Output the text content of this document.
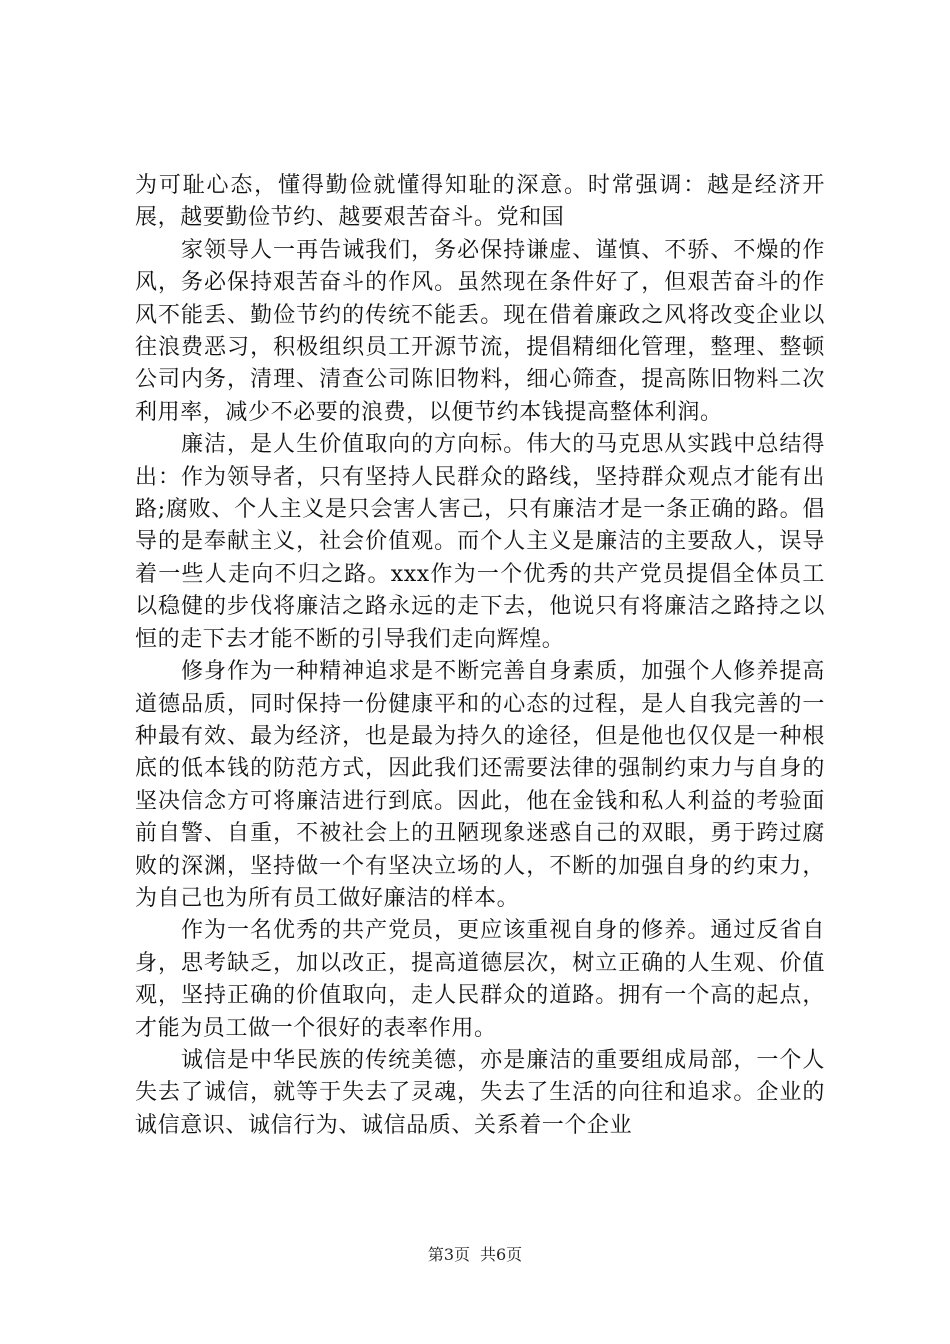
为可耻心态，懂得勤俭就懂得知耻的深意。时常强调：越是经济开展，越要勤俭节约、越要艰苦奋斗。党和国

家领导人一再告诫我们，务必保持谦虚、谨慎、不骄、不燥的作风，务必保持艰苦奋斗的作风。虽然现在条件好了，但艰苦奋斗的作风不能丢、勤俭节约的传统不能丢。现在借着廉政之风将改变企业以往浪费恶习，积极组织员工开源节流，提倡精细化管理，整理、整顿公司内务，清理、清查公司陈旧物料，细心筛查，提高陈旧物料二次利用率，减少不必要的浪费，以便节约本钱提高整体利润。

廉洁，是人生价值取向的方向标。伟大的马克思从实践中总结得出：作为领导者，只有坚持人民群众的路线，坚持群众观点才能有出路;腐败、个人主义是只会害人害己，只有廉洁才是一条正确的路。倡导的是奉献主义，社会价值观。而个人主义是廉洁的主要敌人，误导着一些人走向不归之路。xxx作为一个优秀的共产党员提倡全体员工以稳健的步伐将廉洁之路永远的走下去，他说只有将廉洁之路持之以恒的走下去才能不断的引导我们走向辉煌。

修身作为一种精神追求是不断完善自身素质，加强个人修养提高道德品质，同时保持一份健康平和的心态的过程，是人自我完善的一种最有效、最为经济，也是最为持久的途径，但是他也仅仅是一种根底的低本钱的防范方式，因此我们还需要法律的强制约束力与自身的坚决信念方可将廉洁进行到底。因此，他在金钱和私人利益的考验面前自警、自重，不被社会上的丑陋现象迷惑自己的双眼，勇于跨过腐败的深渊，坚持做一个有坚决立场的人，不断的加强自身的约束力，为自己也为所有员工做好廉洁的样本。

作为一名优秀的共产党员，更应该重视自身的修养。通过反省自身，思考缺乏，加以改正，提高道德层次，树立正确的人生观、价值观，坚持正确的价值取向，走人民群众的道路。拥有一个高的起点，才能为员工做一个很好的表率作用。

诚信是中华民族的传统美德，亦是廉洁的重要组成局部，一个人失去了诚信，就等于失去了灵魂，失去了生活的向往和追求。企业的诚信意识、诚信行为、诚信品质、关系着一个企业

第3页 共6页
